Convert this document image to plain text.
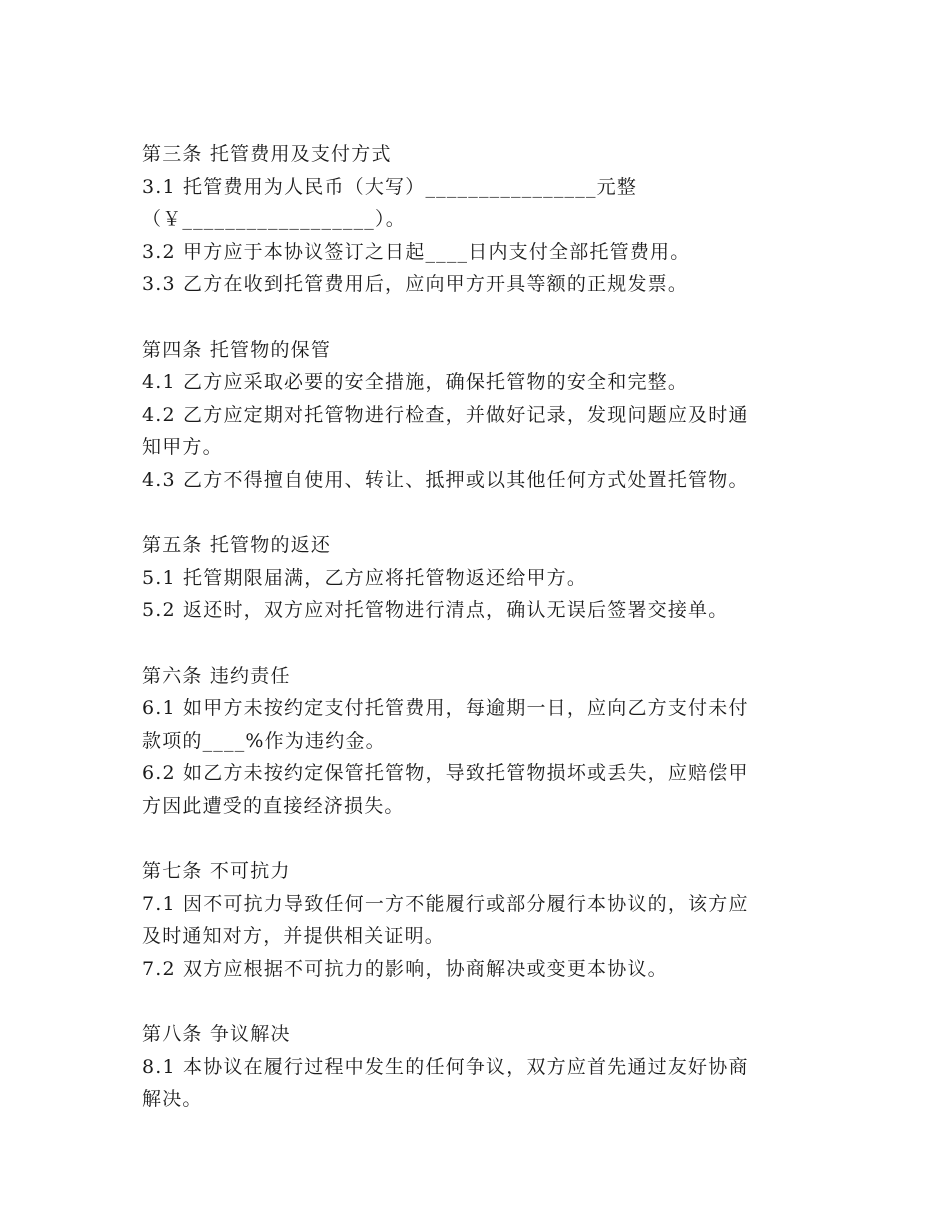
第三条 托管费用及支付方式
3.1 托管费用为人民币（大写）________________元整
（￥__________________）。
3.2 甲方应于本协议签订之日起____日内支付全部托管费用。
3.3 乙方在收到托管费用后，应向甲方开具等额的正规发票。
第四条 托管物的保管
4.1 乙方应采取必要的安全措施，确保托管物的安全和完整。
4.2 乙方应定期对托管物进行检查，并做好记录，发现问题应及时通
知甲方。
4.3 乙方不得擅自使用、转让、抵押或以其他任何方式处置托管物。
第五条 托管物的返还
5.1 托管期限届满，乙方应将托管物返还给甲方。
5.2 返还时，双方应对托管物进行清点，确认无误后签署交接单。
第六条 违约责任
6.1 如甲方未按约定支付托管费用，每逾期一日，应向乙方支付未付
款项的____%作为违约金。
6.2 如乙方未按约定保管托管物，导致托管物损坏或丢失，应赔偿甲
方因此遭受的直接经济损失。
第七条 不可抗力
7.1 因不可抗力导致任何一方不能履行或部分履行本协议的，该方应
及时通知对方，并提供相关证明。
7.2 双方应根据不可抗力的影响，协商解决或变更本协议。
第八条 争议解决
8.1 本协议在履行过程中发生的任何争议，双方应首先通过友好协商
解决。
